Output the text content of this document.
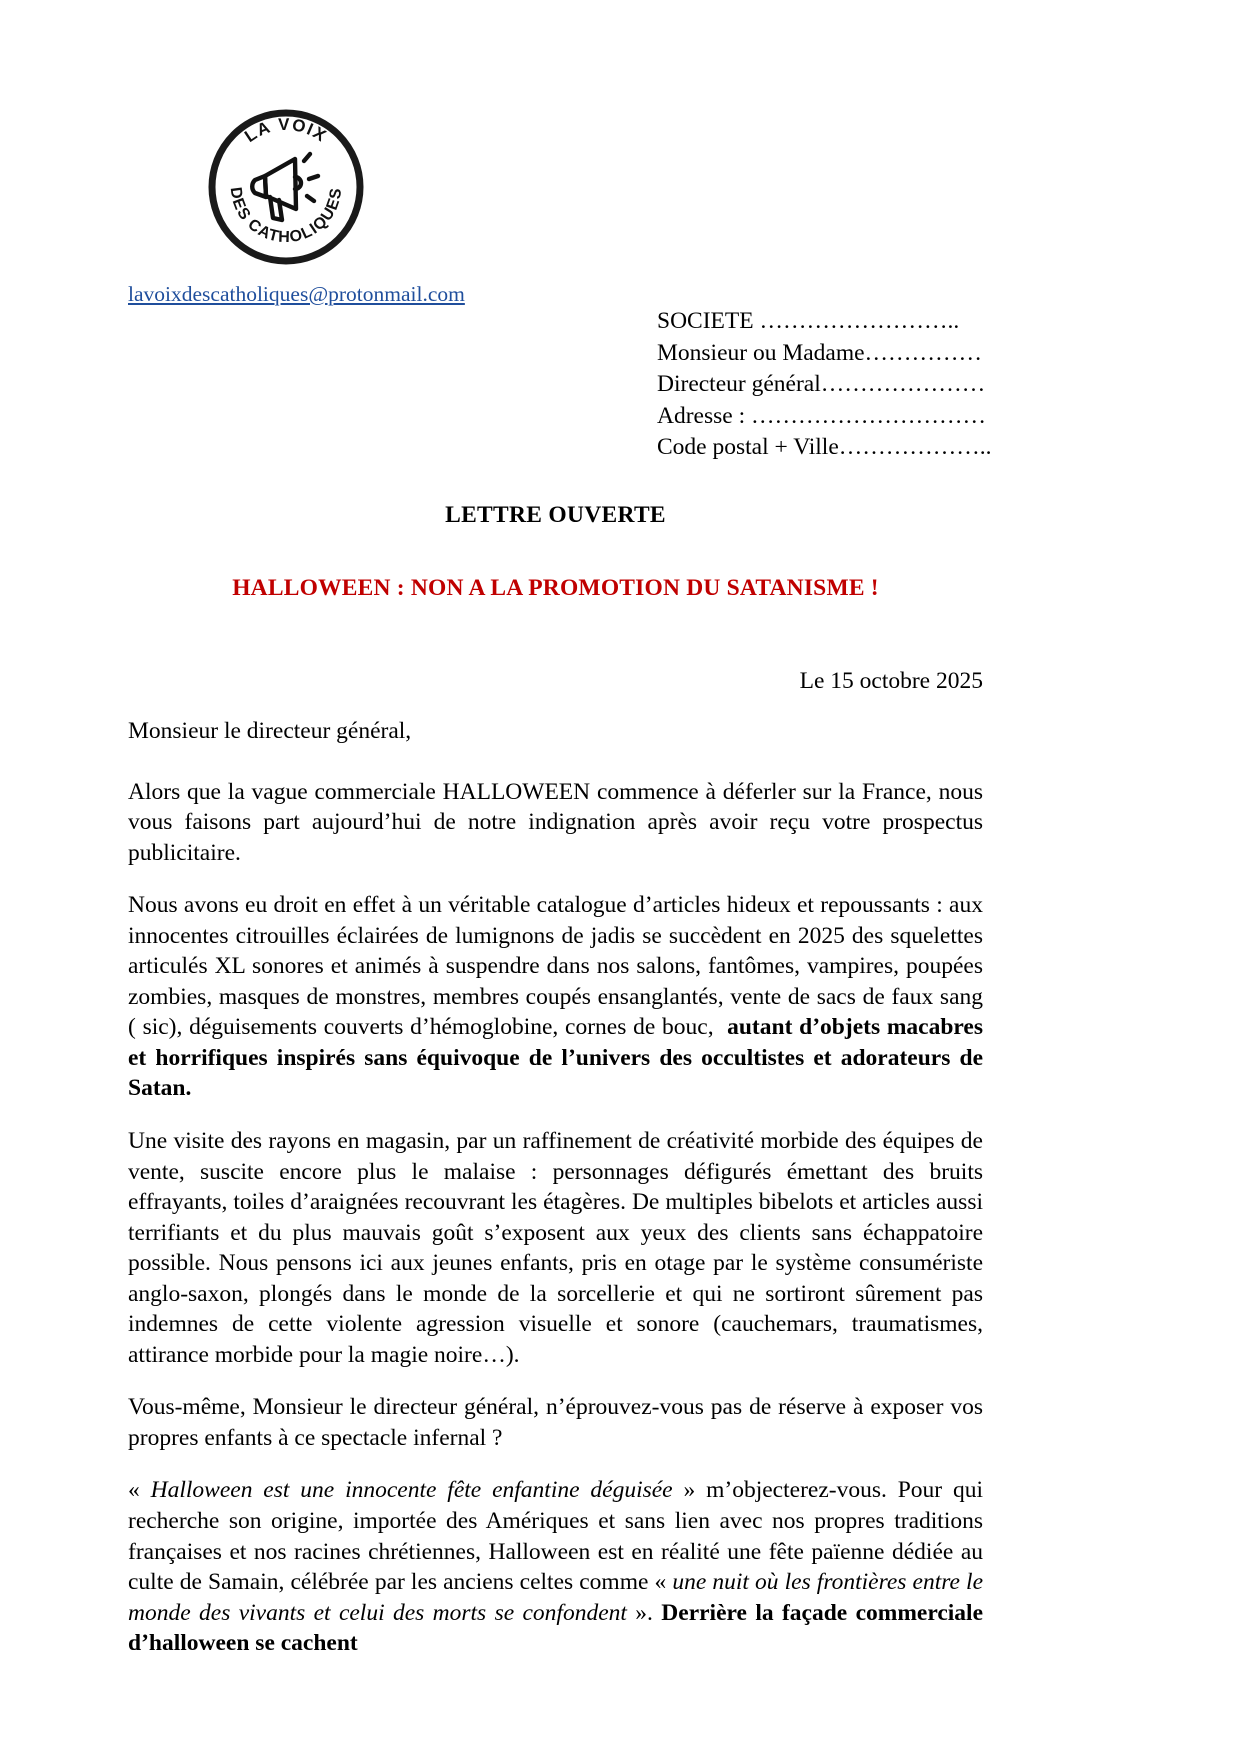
LA VOIX
DES CATHOLIQUES
lavoixdescatholiques@protonmail.com
SOCIETE ……………………..
Monsieur ou Madame……………
Directeur général…………………
Adresse : …………………………
Code postal + Ville………………..
LETTRE OUVERTE
HALLOWEEN : NON A LA PROMOTION DU SATANISME !
Le 15 octobre 2025

Monsieur le directeur général,

Alors que la vague commerciale HALLOWEEN commence à déferler sur la France, nous vous faisons part aujourd’hui de notre indignation après avoir reçu votre prospectus publicitaire.

Nous avons eu droit en effet à un véritable catalogue d’articles hideux et repoussants : aux innocentes citrouilles éclairées de lumignons de jadis se succèdent en 2025 des squelettes articulés XL sonores et animés à suspendre dans nos salons, fantômes, vampires, poupées zombies, masques de monstres, membres coupés ensanglantés, vente de sacs de faux sang ( sic), déguisements couverts d’hémoglobine, cornes de bouc, autant d’objets macabres et horrifiques inspirés sans équivoque de l’univers des occultistes et adorateurs de Satan.

Une visite des rayons en magasin, par un raffinement de créativité morbide des équipes de vente, suscite encore plus le malaise : personnages défigurés émettant des bruits effrayants, toiles d’araignées recouvrant les étagères. De multiples bibelots et articles aussi terrifiants et du plus mauvais goût s’exposent aux yeux des clients sans échappatoire possible. Nous pensons ici aux jeunes enfants, pris en otage par le système consumériste anglo-saxon, plongés dans le monde de la sorcellerie et qui ne sortiront sûrement pas indemnes de cette violente agression visuelle et sonore (cauchemars, traumatismes, attirance morbide pour la magie noire…).

Vous-même, Monsieur le directeur général, n’éprouvez-vous pas de réserve à exposer vos propres enfants à ce spectacle infernal ?

« Halloween est une innocente fête enfantine déguisée » m’objecterez-vous. Pour qui recherche son origine, importée des Amériques et sans lien avec nos propres traditions françaises et nos racines chrétiennes, Halloween est en réalité une fête païenne dédiée au culte de Samain, célébrée par les anciens celtes comme « une nuit où les frontières entre le monde des vivants et celui des morts se confondent ». Derrière la façade commerciale d’halloween se cachent
